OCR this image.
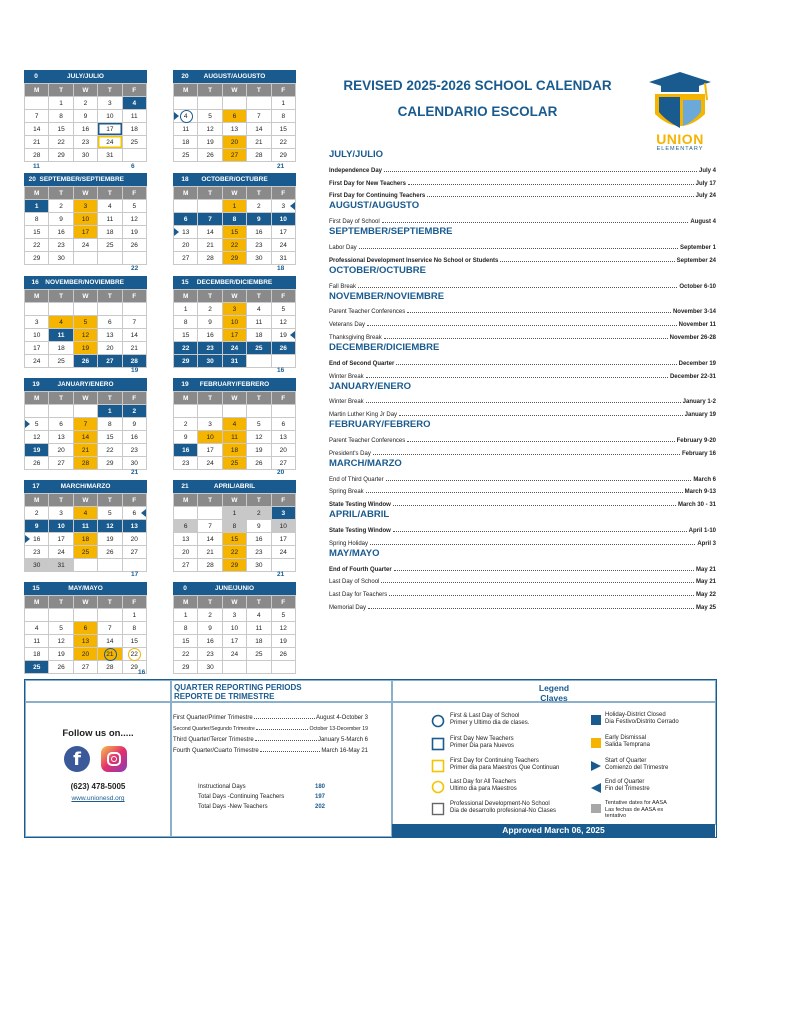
0	JULY/JULIO
M	T	W	T	F
	1	2	3	4
7	8	9	10	11
14	15	16	17	18
21	22	23	24	25
28	29	30	31	
20	AUGUST/AUGUSTO
M	T	W	T	F
				1
4	5	6	7	8
11	12	13	14	15
18	19	20	21	22
25	26	27	28	29
20 SEPTEMBER/SEPTIEMBRE
M	T	W	T	F
1	2	3	4	5
8	9	10	11	12
15	16	17	18	19
22	23	24	25	26
29	30			
18	OCTOBER/OCTUBRE
M	T	W	T	F
		1	2	3
6	7	8	9	10
13	14	15	16	17
20	21	22	23	24
27	28	29	30	31
16	NOVEMBER/NOVIEMBRE
M	T	W	T	F

3	4	5	6	7
10	11	12	13	14
17	18	19	20	21
24	25	26	27	28
15	DECEMBER/DICIEMBRE
M	T	W	T	F
1	2	3	4	5
8	9	10	11	12
15	16	17	18	19
22	23	24	25	26
29	30	31		
19	JANUARY/ENERO
M	T	W	T	F
			1	2
5	6	7	8	9
12	13	14	15	16
19	20	21	22	23
26	27	28	29	30
19	FEBRUARY/FEBRERO
M	T	W	T	F

2	3	4	5	6
9	10	11	12	13
16	17	18	19	20
23	24	25	26	27
17	MARCH/MARZO
M	T	W	T	F
2	3	4	5	6
9	10	11	12	13
16	17	18	19	20
23	24	25	26	27
30	31			
21	APRIL/ABRIL
M	T	W	T	F
		1	2	3
6	7	8	9	10
13	14	15	16	17
20	21	22	23	24
27	28	29	30	
15	MAY/MAYO
M	T	W	T	F
				1
4	5	6	7	8
11	12	13	14	15
18	19	20	21	22
25	26	27	28	29
0	JUNE/JUNIO
M	T	W	T	F
1	2	3	4	5
8	9	10	11	12
15	16	17	18	19
22	23	24	25	26
29	30			
REVISED 2025-2026 SCHOOL CALENDAR
CALENDARIO ESCOLAR
UNION
ELEMENTARY
JULY/JULIO
Independence Day	July 4
First Day for New Teachers	July 17
First Day for Continuing Teachers	July 24
AUGUST/AUGUSTO
First Day of School	August 4
SEPTEMBER/SEPTIEMBRE
Labor Day	September 1
Professional Development Inservice No School or Students	September 24
OCTOBER/OCTUBRE
Fall Break	October 6-10
NOVEMBER/NOVIEMBRE
Parent Teacher Conferences	November 3-14
Veterans Day	November 11
Thanksgiving Break	November 26-28
DECEMBER/DICIEMBRE
End of Second Quarter	December 19
Winter Break	December 22-31
JANUARY/ENERO
Winter Break	January 1-2
Martin Luther King Jr Day	January 19
FEBRUARY/FEBRERO
Parent Teacher Conferences	February 9-20
President's Day	February 16
MARCH/MARZO
End of Third Quarter	March 6
Spring Break	March 9-13
State Testing Window	March 30 - 31
APRIL/ABRIL
State Testing Window	April 1-10
Spring Holiday	April 3
MAY/MAYO
End of Fourth Quarter	May 21
Last Day of School	May 21
Last Day for Teachers	May 22
Memorial Day	May 25
QUARTER REPORTING PERIODS
REPORTE DE TRIMESTRE
Legend
Claves
Follow us on.....
f
(623) 478-5005
www.unionesd.org
First & Last Day of School
Primer y Ultimo dia de clases.
First Day New Teachers
Primer Dia para Nuevos
First Day for Continuing Teachers
Primer dia para Maestros Que Continuan
Last Day for All Teachers
Ultimo dia para Maestros
Professional Development-No School
Dia de desarrollo profesional-No Clases
Holiday-District Closed
Dia Festivo/Distrito Cerrado
Early Dismissal
Salida Temprana
Start of Quarter
Comienzo del Trimestre
End of Quarter
Fin del Trimestre
Tentative dates for AASA
Las fechas de AASA es
tentativo
First Quarter/Primer Trimestre	August 4-October 3
Second Quarter/Segundo Trimestre	October 13-December 19
Third Quarter/Tercer Trimestre	January 5-March 6
Fourth Quarter/Cuarto Trimestre	March 16-May 21
Instructional Days	180
Total Days -Continuing Teachers	197
Total Days -New Teachers	202
Approved March 06, 2025
11	21
6
18
22
16
19
20
21
21
17
16
